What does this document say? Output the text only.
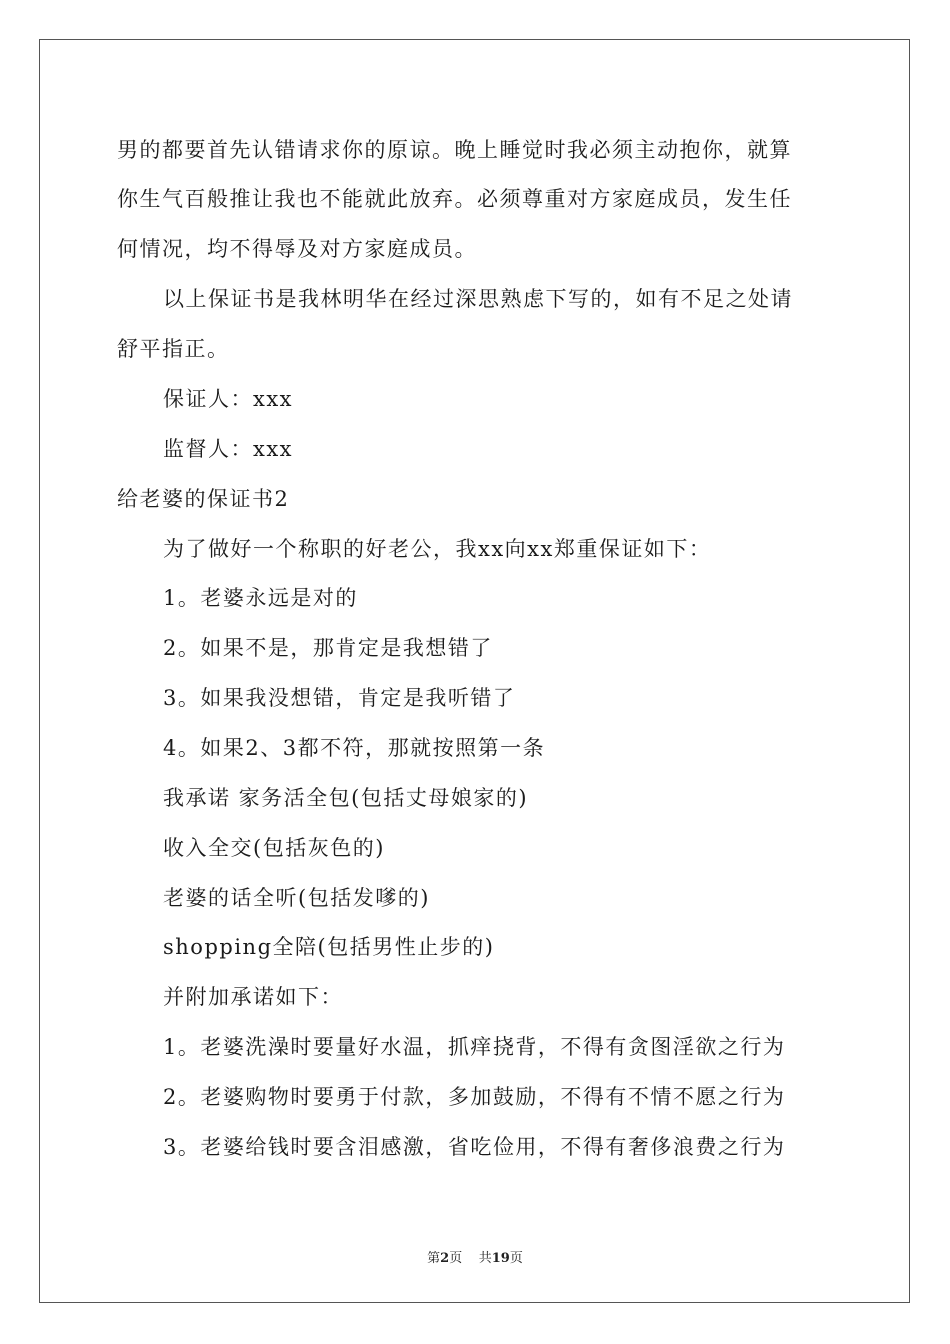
男的都要首先认错请求你的原谅。晚上睡觉时我必须主动抱你，就算
你生气百般推让我也不能就此放弃。必须尊重对方家庭成员，发生任
何情况，均不得辱及对方家庭成员。
以上保证书是我林明华在经过深思熟虑下写的，如有不足之处请
舒平指正。
保证人：xxx
监督人：xxx
给老婆的保证书2
为了做好一个称职的好老公，我xx向xx郑重保证如下：
1。老婆永远是对的
2。如果不是，那肯定是我想错了
3。如果我没想错，肯定是我听错了
4。如果2、3都不符，那就按照第一条
我承诺 家务活全包(包括丈母娘家的)
收入全交(包括灰色的)
老婆的话全听(包括发嗲的)
shopping全陪(包括男性止步的)
并附加承诺如下：
1。老婆洗澡时要量好水温，抓痒挠背，不得有贪图淫欲之行为
2。老婆购物时要勇于付款，多加鼓励，不得有不情不愿之行为
3。老婆给钱时要含泪感激，省吃俭用，不得有奢侈浪费之行为
第2页 共19页
